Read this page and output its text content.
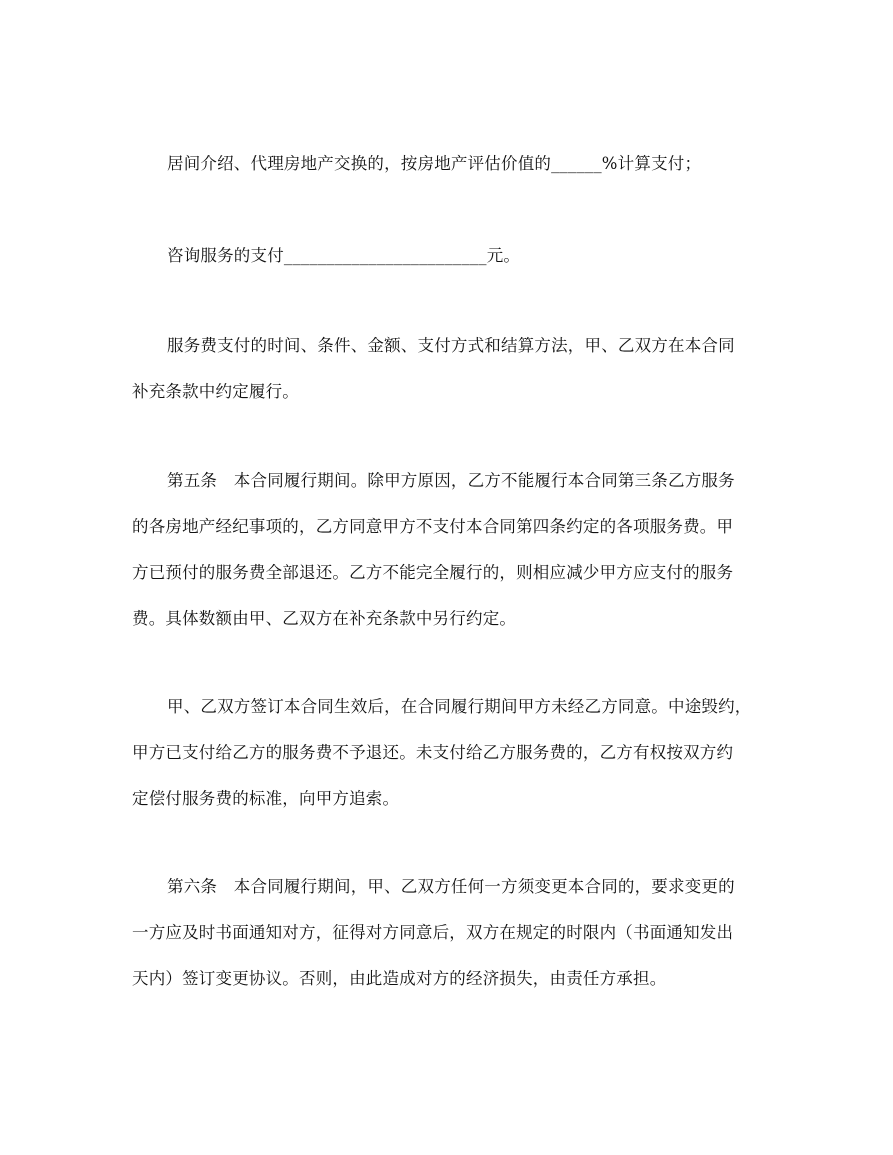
居间介绍、代理房地产交换的，按房地产评估价值的______%计算支付；
咨询服务的支付________________________元。
服务费支付的时间、条件、金额、支付方式和结算方法，甲、乙双方在本合同
补充条款中约定履行。
第五条　本合同履行期间。除甲方原因，乙方不能履行本合同第三条乙方服务
的各房地产经纪事项的，乙方同意甲方不支付本合同第四条约定的各项服务费。甲
方已预付的服务费全部退还。乙方不能完全履行的，则相应减少甲方应支付的服务
费。具体数额由甲、乙双方在补充条款中另行约定。
甲、乙双方签订本合同生效后，在合同履行期间甲方未经乙方同意。中途毁约，
甲方已支付给乙方的服务费不予退还。未支付给乙方服务费的，乙方有权按双方约
定偿付服务费的标准，向甲方追索。
第六条　本合同履行期间，甲、乙双方任何一方须变更本合同的，要求变更的
一方应及时书面通知对方，征得对方同意后，双方在规定的时限内（书面通知发出
天内）签订变更协议。否则，由此造成对方的经济损失，由责任方承担。
